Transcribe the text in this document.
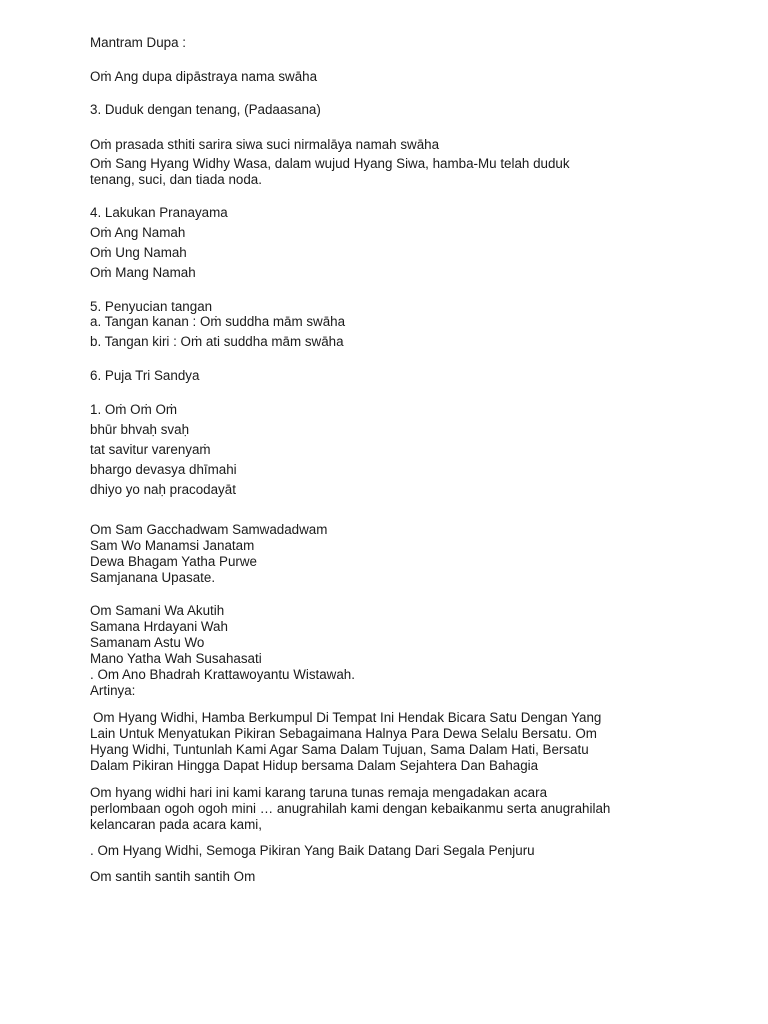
Mantram Dupa :
Oṁ Ang dupa dipāstraya nama swāha
3. Duduk dengan tenang, (Padaasana)
Oṁ prasada sthiti sarira siwa suci nirmalāya namah swāha
Oṁ Sang Hyang Widhy Wasa, dalam wujud Hyang Siwa, hamba-Mu telah duduk
tenang, suci, dan tiada noda.
4. Lakukan Pranayama
Oṁ Ang Namah
Oṁ Ung Namah
Oṁ Mang Namah
5. Penyucian tangan
a. Tangan kanan : Oṁ suddha mām swāha
b. Tangan kiri : Oṁ ati suddha mām swāha
6. Puja Tri Sandya
1. Oṁ Oṁ Oṁ
bhūr bhvaḥ svaḥ
tat savitur varenyaṁ
bhargo devasya dhīmahi
dhiyo yo naḥ pracodayāt
Om Sam Gacchadwam Samwadadwam
Sam Wo Manamsi Janatam
Dewa Bhagam Yatha Purwe
Samjanana Upasate.
Om Samani Wa Akutih
Samana Hrdayani Wah
Samanam Astu Wo
Mano Yatha Wah Susahasati
. Om Ano Bhadrah Krattawoyantu Wistawah.
Artinya:
Om Hyang Widhi, Hamba Berkumpul Di Tempat Ini Hendak Bicara Satu Dengan Yang
Lain Untuk Menyatukan Pikiran Sebagaimana Halnya Para Dewa Selalu Bersatu. Om
Hyang Widhi, Tuntunlah Kami Agar Sama Dalam Tujuan, Sama Dalam Hati, Bersatu
Dalam Pikiran Hingga Dapat Hidup bersama Dalam Sejahtera Dan Bahagia
Om hyang widhi hari ini kami karang taruna tunas remaja mengadakan acara
perlombaan ogoh ogoh mini … anugrahilah kami dengan kebaikanmu serta anugrahilah
kelancaran pada acara kami,
. Om Hyang Widhi, Semoga Pikiran Yang Baik Datang Dari Segala Penjuru
Om santih santih santih Om
